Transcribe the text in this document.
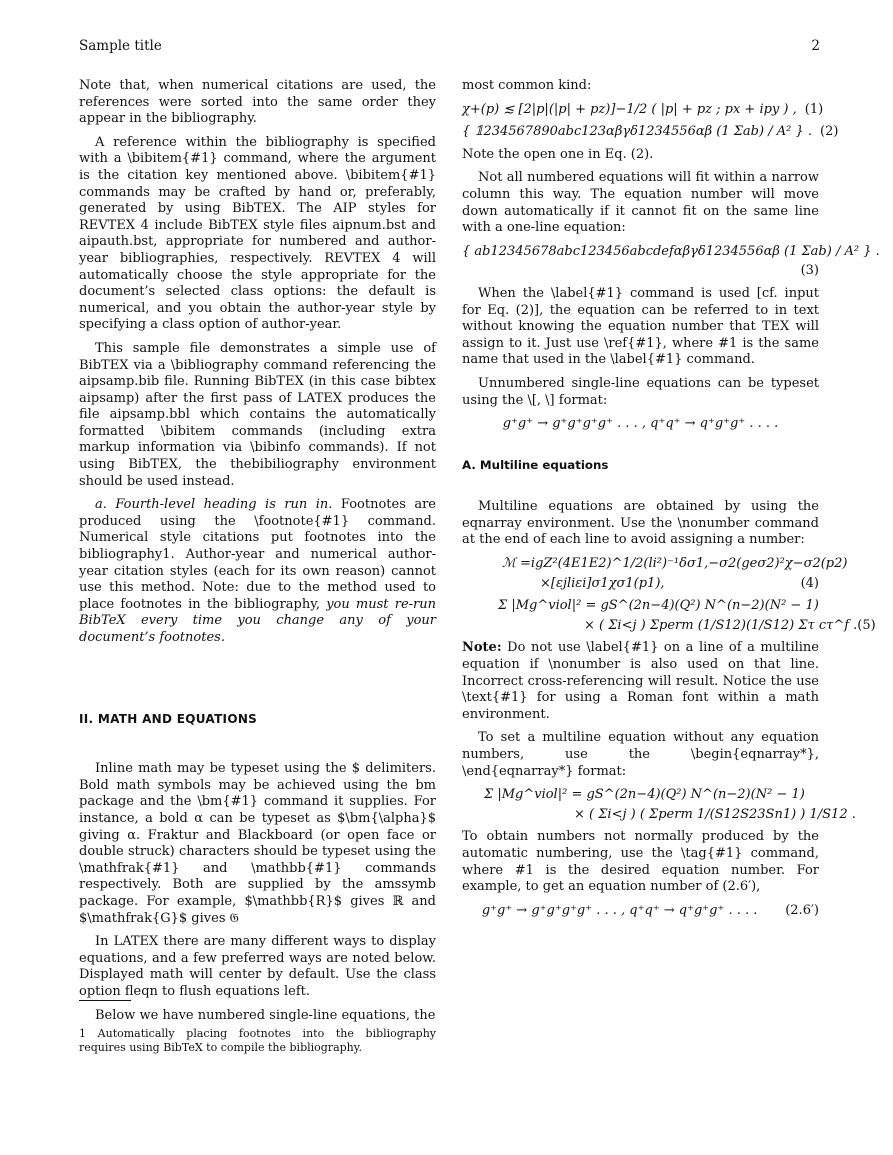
Sample title	2

Note that, when numerical citations are used, the references were sorted into the same order they appear in the bibliography.

A reference within the bibliography is specified with a \bibitem{#1} command, where the argument is the citation key mentioned above. \bibitem{#1} commands may be crafted by hand or, preferably, generated by using BibTEX. The AIP styles for REVTEX 4 include BibTEX style files aipnum.bst and aipauth.bst, appropriate for numbered and author-year bibliographies, respectively. REVTEX 4 will automatically choose the style appropriate for the document’s selected class options: the default is numerical, and you obtain the author-year style by specifying a class option of author-year.

This sample file demonstrates a simple use of BibTEX via a \bibliography command referencing the aipsamp.bib file. Running BibTEX (in this case bibtex aipsamp) after the first pass of LATEX produces the file aipsamp.bbl which contains the automatically formatted \bibitem commands (including extra markup information via \bibinfo commands). If not using BibTEX, the thebibiliography environment should be used instead.

a. Fourth-level heading is run in. Footnotes are produced using the \footnote{#1} command. Numerical style citations put footnotes into the bibliography1. Author-year and numerical author-year citation styles (each for its own reason) cannot use this method. Note: due to the method used to place footnotes in the bibliography, you must re-run BibTeX every time you change any of your document’s footnotes.

II. MATH AND EQUATIONS

Inline math may be typeset using the $ delimiters. Bold math symbols may be achieved using the bm package and the \bm{#1} command it supplies. For instance, a bold α can be typeset as $\bm{\alpha}$ giving α. Fraktur and Blackboard (or open face or double struck) characters should be typeset using the \mathfrak{#1} and \mathbb{#1} commands respectively. Both are supplied by the amssymb package. For example, $\mathbb{R}$ gives ℝ and $\mathfrak{G}$ gives 𝔊

In LATEX there are many different ways to display equations, and a few preferred ways are noted below. Displayed math will center by default. Use the class option fleqn to flush equations left.

Below we have numbered single-line equations, the

1 Automatically placing footnotes into the bibliography requires using BibTeX to compile the bibliography.

most common kind:

χ+(p) ≲ [2|p|(|p| + pz)]−1/2 ( |p| + pz ; px + ipy ) , (1)
{ 𝟙234567890abc123αβγδ1234556αβ (1 Σab) / A² } . (2)

Note the open one in Eq. (2).

Not all numbered equations will fit within a narrow column this way. The equation number will move down automatically if it cannot fit on the same line with a one-line equation:

{ ab12345678abc123456abcdefαβγδ1234556αβ (1 Σab) / A² } .
(3)

When the \label{#1} command is used [cf. input for Eq. (2)], the equation can be referred to in text without knowing the equation number that TEX will assign to it. Just use \ref{#1}, where #1 is the same name that used in the \label{#1} command.

Unnumbered single-line equations can be typeset using the \[, \] format:

g⁺g⁺ → g⁺g⁺g⁺g⁺ . . . , q⁺q⁺ → q⁺g⁺g⁺ . . . .
A. Multiline equations

Multiline equations are obtained by using the eqnarray environment. Use the \nonumber command at the end of each line to avoid assigning a number:

ℳ =igZ²(4E1E2)^1/2(li²)⁻¹δσ1,−σ2(geσ2)²χ−σ2(p2)
×[εjliεi]σ1χσ1(p1),	(4)
Σ |Mg^viol|² = gS^(2n−4)(Q²) N^(n−2)(N² − 1)
× ( Σi<j ) Σperm (1/S12)(1/S12) Στ cτ^f . (5)

Note: Do not use \label{#1} on a line of a multiline equation if \nonumber is also used on that line. Incorrect cross-referencing will result. Notice the use \text{#1} for using a Roman font within a math environment.

To set a multiline equation without any equation numbers, use the \begin{eqnarray*}, \end{eqnarray*} format:

Σ |Mg^viol|² = gS^(2n−4)(Q²) N^(n−2)(N² − 1)
× ( Σi<j ) ( Σperm 1/(S12S23Sn1) ) 1/S12 .

To obtain numbers not normally produced by the automatic numbering, use the \tag{#1} command, where #1 is the desired equation number. For example, to get an equation number of (2.6′),

g⁺g⁺ → g⁺g⁺g⁺g⁺ . . . , q⁺q⁺ → q⁺g⁺g⁺ . . . .	(2.6′)
